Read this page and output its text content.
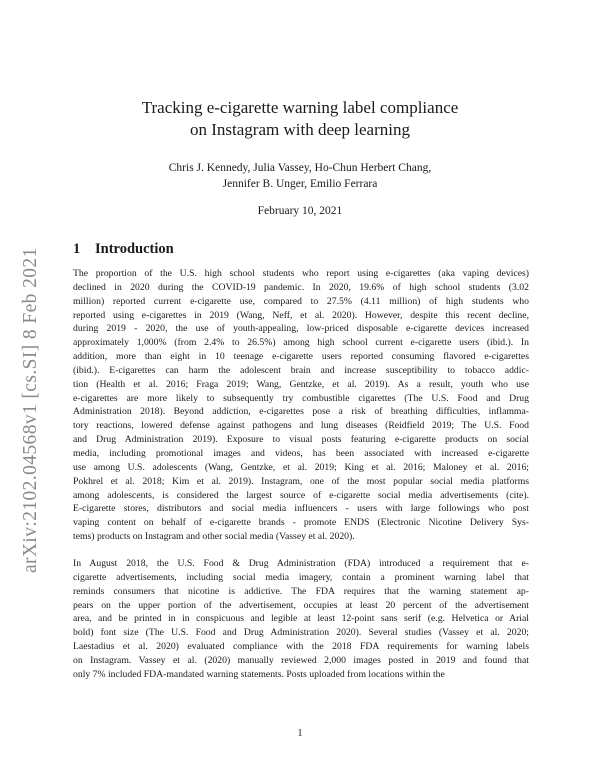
arXiv:2102.04568v1 [cs.SI] 8 Feb 2021
Tracking e-cigarette warning label compliance
on Instagram with deep learning
Chris J. Kennedy, Julia Vassey, Ho-Chun Herbert Chang,
Jennifer B. Unger, Emilio Ferrara
February 10, 2021
1 Introduction
The proportion of the U.S. high school students who report using e-cigarettes (aka vaping devices)
declined in 2020 during the COVID-19 pandemic. In 2020, 19.6% of high school students (3.02
million) reported current e-cigarette use, compared to 27.5% (4.11 million) of high students who
reported using e-cigarettes in 2019 (Wang, Neff, et al. 2020). However, despite this recent decline,
during 2019 - 2020, the use of youth-appealing, low-priced disposable e-cigarette devices increased
approximately 1,000% (from 2.4% to 26.5%) among high school current e-cigarette users (ibid.). In
addition, more than eight in 10 teenage e-cigarette users reported consuming flavored e-cigarettes
(ibid.). E-cigarettes can harm the adolescent brain and increase susceptibility to tobacco addic-
tion (Health et al. 2016; Fraga 2019; Wang, Gentzke, et al. 2019). As a result, youth who use
e-cigarettes are more likely to subsequently try combustible cigarettes (The U.S. Food and Drug
Administration 2018). Beyond addiction, e-cigarettes pose a risk of breathing difficulties, inflamma-
tory reactions, lowered defense against pathogens and lung diseases (Reidfield 2019; The U.S. Food
and Drug Administration 2019). Exposure to visual posts featuring e-cigarette products on social
media, including promotional images and videos, has been associated with increased e-cigarette
use among U.S. adolescents (Wang, Gentzke, et al. 2019; King et al. 2016; Maloney et al. 2016;
Pokhrel et al. 2018; Kim et al. 2019). Instagram, one of the most popular social media platforms
among adolescents, is considered the largest source of e-cigarette social media advertisements (cite).
E-cigarette stores, distributors and social media influencers - users with large followings who post
vaping content on behalf of e-cigarette brands - promote ENDS (Electronic Nicotine Delivery Sys-
tems) products on Instagram and other social media (Vassey et al. 2020).
In August 2018, the U.S. Food & Drug Administration (FDA) introduced a requirement that e-
cigarette advertisements, including social media imagery, contain a prominent warning label that
reminds consumers that nicotine is addictive. The FDA requires that the warning statement ap-
pears on the upper portion of the advertisement, occupies at least 20 percent of the advertisement
area, and be printed in in conspicuous and legible at least 12-point sans serif (e.g. Helvetica or Arial
bold) font size (The U.S. Food and Drug Administration 2020). Several studies (Vassey et al. 2020;
Laestadius et al. 2020) evaluated compliance with the 2018 FDA requirements for warning labels
on Instagram. Vassey et al. (2020) manually reviewed 2,000 images posted in 2019 and found that
only 7% included FDA-mandated warning statements. Posts uploaded from locations within the
1
